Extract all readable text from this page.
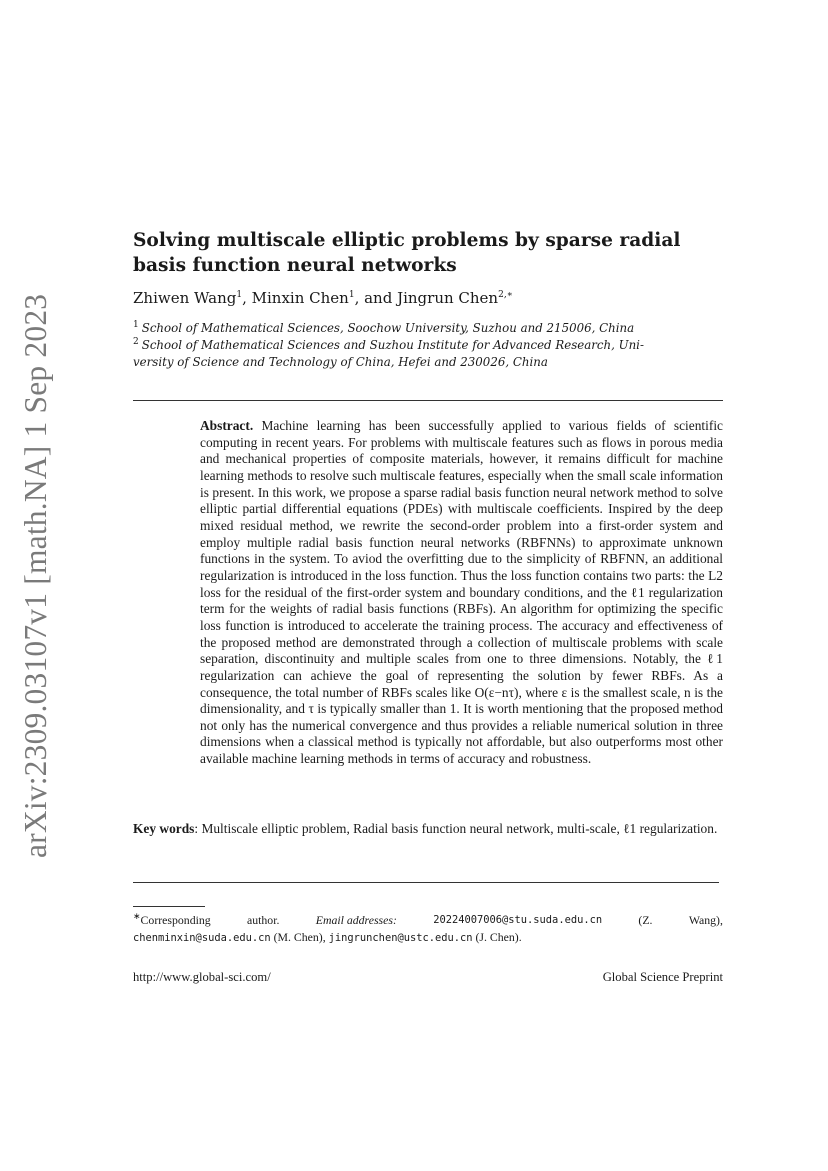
arXiv:2309.03107v1 [math.NA] 1 Sep 2023
Solving multiscale elliptic problems by sparse radial basis function neural networks
Zhiwen Wang$^1$, Minxin Chen$^1$, and Jingrun Chen$^{2,∗}$
$^1$ School of Mathematical Sciences, Soochow University, Suzhou and 215006, China
$^2$ School of Mathematical Sciences and Suzhou Institute for Advanced Research, Uni-
versity of Science and Technology of China, Hefei and 230026, China
Abstract. Machine learning has been successfully applied to various fields of scientific computing in recent years. For problems with multiscale features such as flows in porous media and mechanical properties of composite materials, however, it remains difficult for machine learning methods to resolve such multiscale features, especially when the small scale information is present. In this work, we propose a sparse radial basis function neural network method to solve elliptic partial differential equations (PDEs) with multiscale coefficients. Inspired by the deep mixed residual method, we rewrite the second-order problem into a first-order system and employ multiple radial basis function neural networks (RBFNNs) to approximate unknown functions in the system. To aviod the overfitting due to the simplicity of RBFNN, an additional regularization is introduced in the loss function. Thus the loss function contains two parts: the L2 loss for the residual of the first-order system and boundary conditions, and the ℓ1 regularization term for the weights of radial basis functions (RBFs). An algorithm for optimizing the specific loss function is introduced to accelerate the training process. The accuracy and effectiveness of the proposed method are demonstrated through a collection of multiscale problems with scale separation, discontinuity and multiple scales from one to three dimensions. Notably, the ℓ1 regularization can achieve the goal of representing the solution by fewer RBFs. As a consequence, the total number of RBFs scales like O(ε−nτ), where ε is the smallest scale, n is the dimensionality, and τ is typically smaller than 1. It is worth mentioning that the proposed method not only has the numerical convergence and thus provides a reliable numerical solution in three dimensions when a classical method is typically not affordable, but also outperforms most other available machine learning methods in terms of accuracy and robustness.
Key words: Multiscale elliptic problem, Radial basis function neural network, multi-scale, ℓ1 regularization.
∗Corresponding	author.	Email addresses:	20224007006@stu.suda.edu.cn	(Z.	Wang),
chenminxin@suda.edu.cn (M. Chen), jingrunchen@ustc.edu.cn (J. Chen).
http://www.global-sci.com/	Global Science Preprint
